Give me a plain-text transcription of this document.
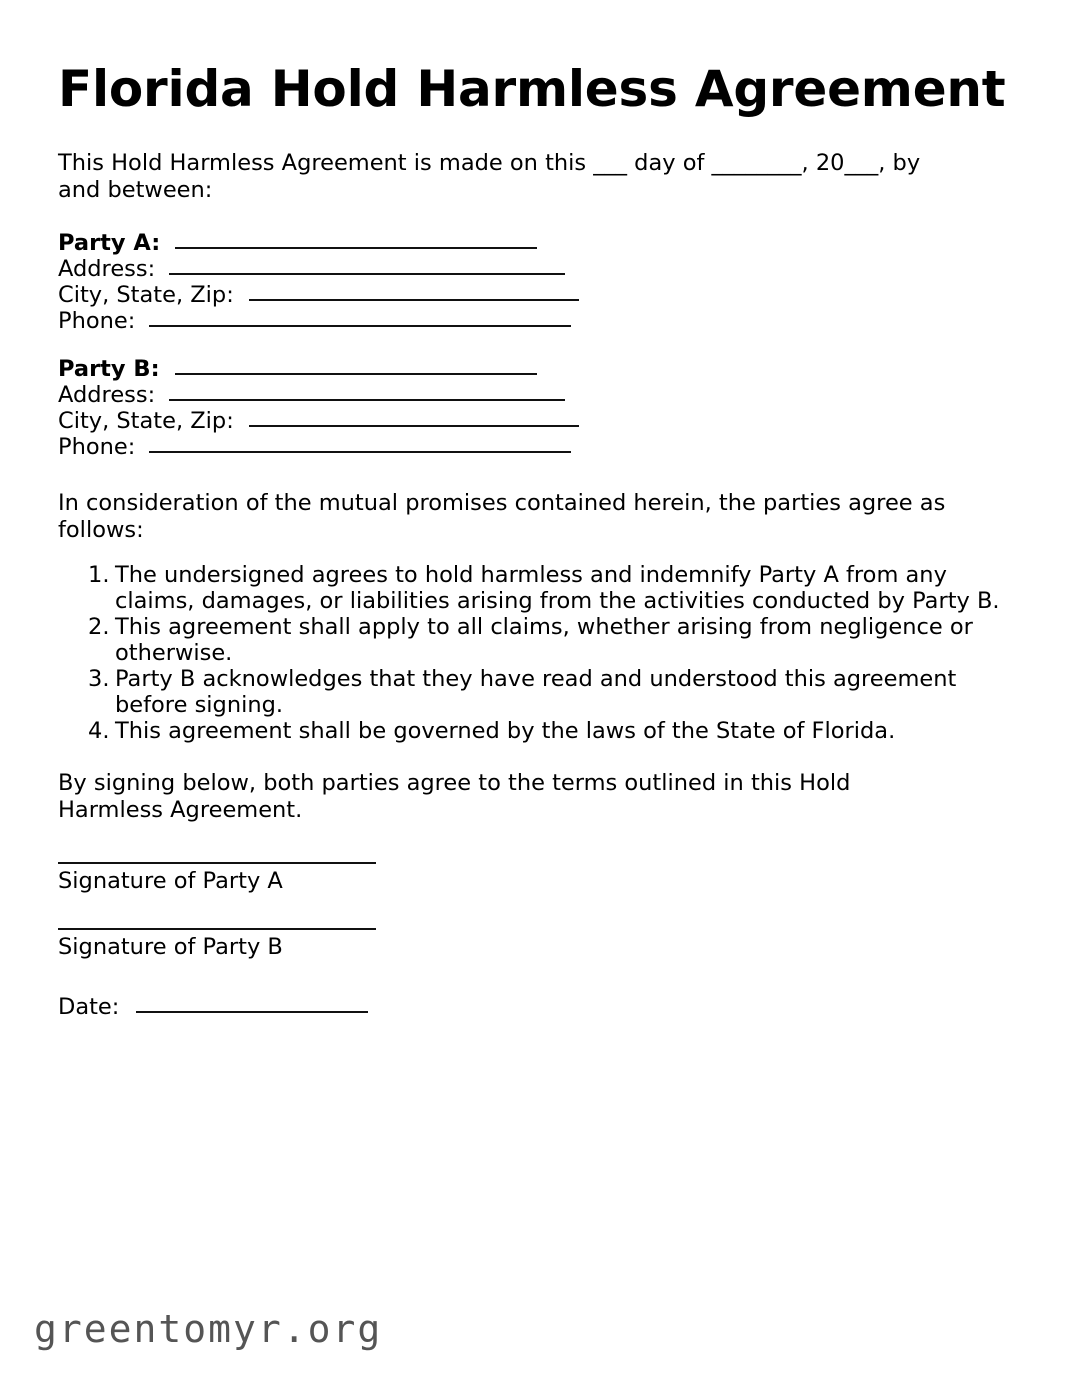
Florida Hold Harmless Agreement

This Hold Harmless Agreement is made on this ___ day of ________, 20___, by and between:

Party A:
Address:
City, State, Zip:
Phone:
Party B:
Address:
City, State, Zip:
Phone:

In consideration of the mutual promises contained herein, the parties agree as follows:

The undersigned agrees to hold harmless and indemnify Party A from any claims, damages, or liabilities arising from the activities conducted by Party B.
This agreement shall apply to all claims, whether arising from negligence or otherwise.
Party B acknowledges that they have read and understood this agreement before signing.
This agreement shall be governed by the laws of the State of Florida.

By signing below, both parties agree to the terms outlined in this Hold Harmless Agreement.

Signature of Party A
Signature of Party B
Date:
greentomyr.org
